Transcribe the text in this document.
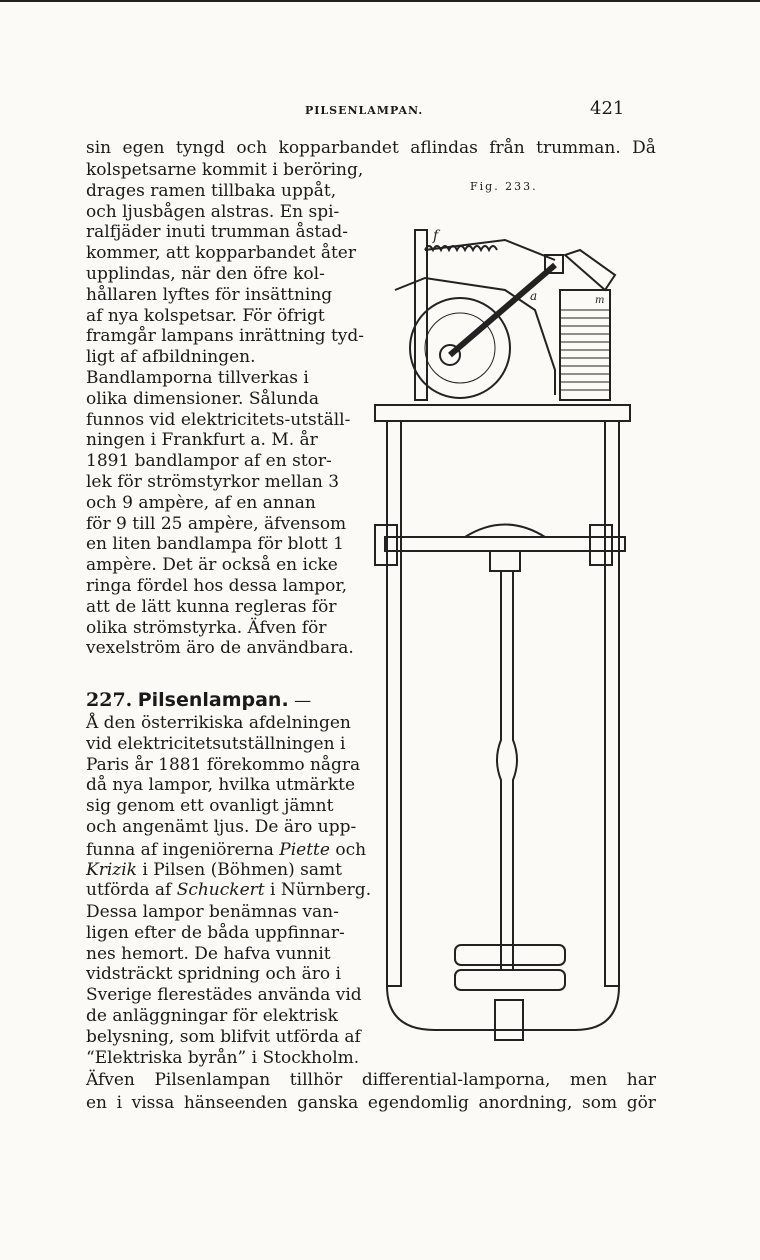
PILSENLAMPAN.	421
sin egen tyngd och kopparbandet aflindas från trumman. Då
kolspetsarne kommit i beröring,
drages ramen tillbaka uppåt,
och ljusbågen alstras. En spi-
ralfjäder inuti trumman åstad-
kommer, att kopparbandet åter
upplindas, när den öfre kol-
hållaren lyftes för insättning
af nya kolspetsar. För öfrigt
framgår lampans inrättning tyd-
ligt af afbildningen.
Bandlamporna tillverkas i
olika dimensioner. Sålunda
funnos vid elektricitets-utställ-
ningen i Frankfurt a. M. år
1891 bandlampor af en stor-
lek för strömstyrkor mellan 3
och 9 ampère, af en annan
för 9 till 25 ampère, äfvensom
en liten bandlampa för blott 1
ampère. Det är också en icke
ringa fördel hos dessa lampor,
att de lätt kunna regleras för
olika strömstyrka. Äfven för
vexelström äro de användbara.
227. Pilsenlampan. —
Å den österrikiska afdelningen
vid elektricitetsutställningen i
Paris år 1881 förekommo några
då nya lampor, hvilka utmärkte
sig genom ett ovanligt jämnt
och angenämt ljus. De äro upp-
funna af ingeniörerna Piette och
Krizik i Pilsen (Böhmen) samt
utförda af Schuckert i Nürnberg.
Dessa lampor benämnas van-
ligen efter de båda uppfinnar-
nes hemort. De hafva vunnit
vidsträckt spridning och äro i
Sverige flerestädes använda vid
de anläggningar för elektrisk
belysning, som blifvit utförda af
“Elektriska byrån” i Stockholm.
Äfven Pilsenlampan tillhör differential-lamporna, men har
en i vissa hänseenden ganska egendomlig anordning, som gör
Fig. 233.
f
a	m
